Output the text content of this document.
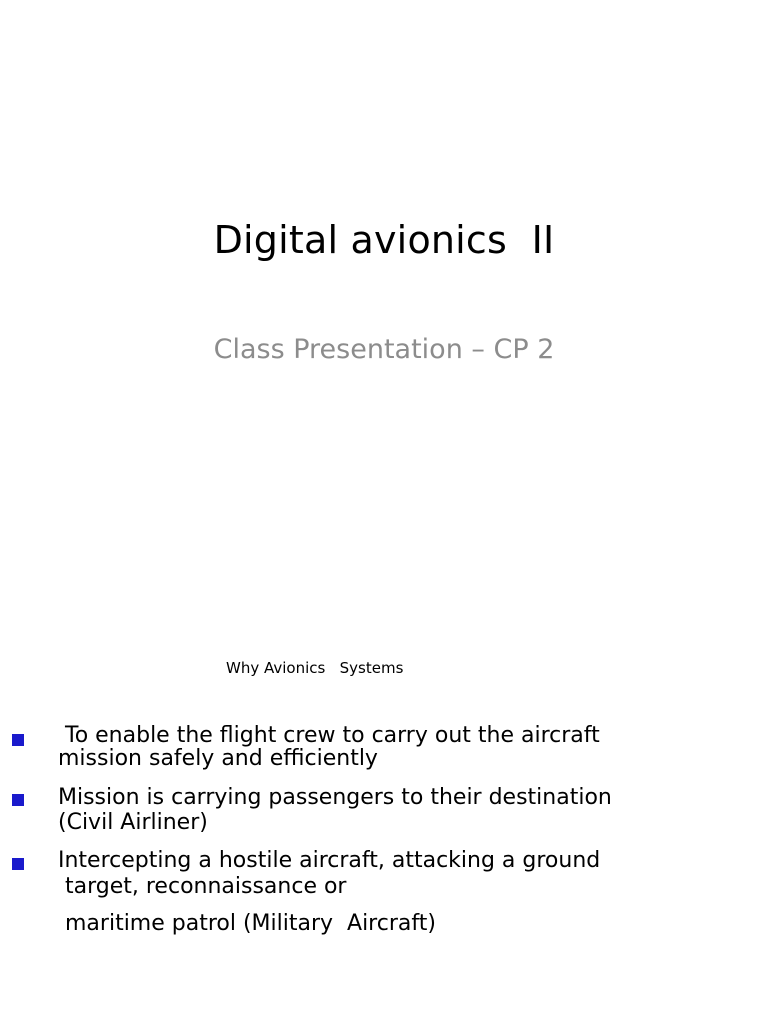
Digital avionics  II
Class Presentation – CP 2
Why Avionics   Systems
To enable the flight crew to carry out the aircraft
mission safely and efficiently
Mission is carrying passengers to their destination
(Civil Airliner)
Intercepting a hostile aircraft, attacking a ground
target, reconnaissance or
maritime patrol (Military  Aircraft)
